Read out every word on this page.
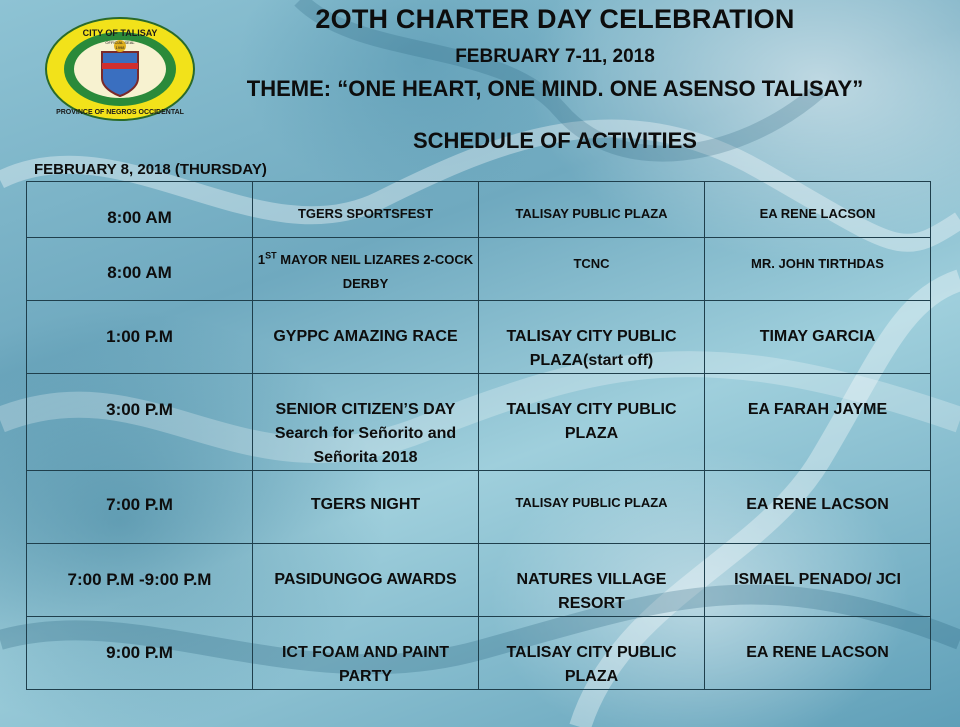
CITY OF TALISAY
OFFICIAL SEAL
1998
PROVINCE OF NEGROS OCCIDENTAL
2OTH CHARTER DAY CELEBRATION
FEBRUARY 7-11, 2018
THEME: “ONE HEART, ONE MIND. ONE ASENSO TALISAY”
SCHEDULE OF ACTIVITIES
FEBRUARY 8, 2018 (THURSDAY)
8:00 AM	TGERS SPORTSFEST	TALISAY PUBLIC PLAZA	EA RENE LACSON
8:00 AM	1ST MAYOR NEIL LIZARES 2-COCK DERBY	TCNC	MR. JOHN TIRTHDAS
1:00 P.M	GYPPC AMAZING RACE	TALISAY CITY PUBLIC PLAZA(start off)	TIMAY GARCIA
3:00 P.M	SENIOR CITIZEN’S DAY Search for Señorito and Señorita 2018	TALISAY CITY PUBLIC PLAZA	EA FARAH JAYME
7:00 P.M	TGERS NIGHT	TALISAY PUBLIC PLAZA	EA RENE LACSON
7:00 P.M -9:00 P.M	PASIDUNGOG AWARDS	NATURES VILLAGE RESORT	ISMAEL PENADO/ JCI
9:00 P.M	ICT FOAM AND PAINT PARTY	TALISAY CITY PUBLIC PLAZA	EA RENE LACSON
